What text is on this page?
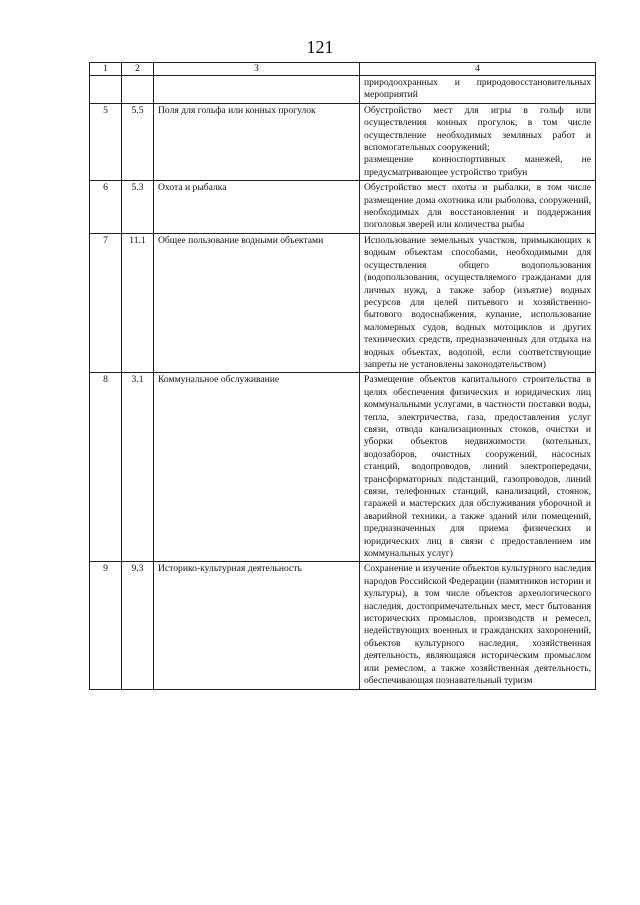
121
1	2	3	4

			природоохранных и природовосстановительных мероприятий

5	5.5	Поля для гольфа или конных прогулок	Обустройство мест для игры в гольф или осуществления конных прогулок, в том числе осуществление необходимых земляных работ и вспомогательных сооружений;

размещение конноспортивных манежей, не предусматривающее устройство трибун

6	5.3	Охота и рыбалка	Обустройство мест охоты и рыбалки, в том числе размещение дома охотника или рыболова, сооружений, необходимых для восстановления и поддержания поголовья зверей или количества рыбы

7	11.1	Общее пользование водными объектами	Использование земельных участков, примыкающих к водным объектам способами, необходимыми для осуществления общего водопользования (водопользования, осуществляемого гражданами для личных нужд, а также забор (изъятие) водных ресурсов для целей питьевого и хозяйственно-бытового водоснабжения, купание, использование маломерных судов, водных мотоциклов и других технических средств, предназначенных для отдыха на водных объектах, водопой, если соответствующие запреты не установлены законодательством)

8	3.1	Коммунальное обслуживание	Размещение объектов капитального строительства в целях обеспечения физических и юридических лиц коммунальными услугами, в частности поставки воды, тепла, электричества, газа, предоставления услуг связи, отвода канализационных стоков, очистки и уборки объектов недвижимости (котельных, водозаборов, очистных сооружений, насосных станций, водопроводов, линий электропередачи, трансформаторных подстанций, газопроводов, линий связи, телефонных станций, канализаций, стоянок, гаражей и мастерских для обслуживания уборочной и аварийной техники, а также зданий или помещений, предназначенных для приема физических и юридических лиц в связи с предоставлением им коммунальных услуг)

9	9.3	Историко-культурная деятельность	Сохранение и изучение объектов культурного наследия народов Российской Федерации (памятников истории и культуры), в том числе объектов археологического наследия, достопримечательных мест, мест бытования исторических промыслов, производств и ремесел, недействующих военных и гражданских захоронений, объектов культурного наследия, хозяйственная деятельность, являющаяся историческим промыслом или ремеслом, а также хозяйственная деятельность, обеспечивающая познавательный туризм
